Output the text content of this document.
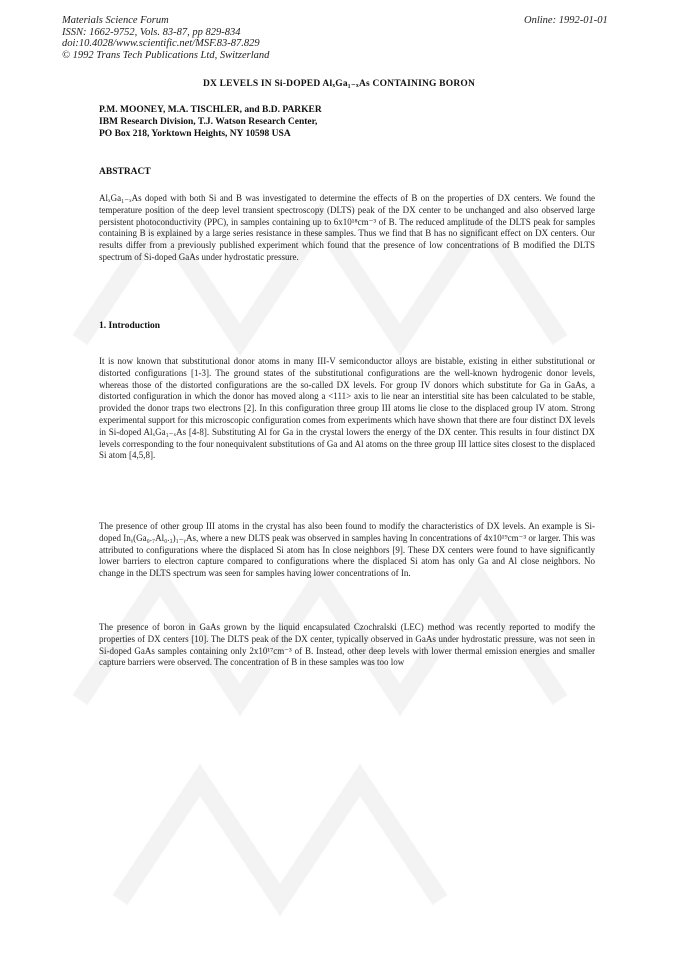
Materials Science Forum
ISSN: 1662-9752, Vols. 83-87, pp 829-834
doi:10.4028/www.scientific.net/MSF.83-87.829
© 1992 Trans Tech Publications Ltd, Switzerland
Online: 1992-01-01
DX LEVELS IN Si-DOPED AlₓGa₁₋ₓAs CONTAINING BORON
P.M. MOONEY, M.A. TISCHLER, and B.D. PARKER
IBM Research Division, T.J. Watson Research Center,
PO Box 218, Yorktown Heights, NY 10598 USA
ABSTRACT

AlₓGa₁₋ₓAs doped with both Si and B was investigated to determine the effects of B on the properties of DX centers. We found the temperature position of the deep level transient spectroscopy (DLTS) peak of the DX center to be unchanged and also observed large persistent photoconductivity (PPC), in samples containing up to 6x10¹⁸cm⁻³ of B. The reduced amplitude of the DLTS peak for samples containing B is explained by a large series resistance in these samples. Thus we find that B has no significant effect on DX centers. Our results differ from a previously published experiment which found that the presence of low concentrations of B modified the DLTS spectrum of Si-doped GaAs under hydrostatic pressure.

1. Introduction

It is now known that substitutional donor atoms in many III-V semiconductor alloys are bistable, existing in either substitutional or distorted configurations [1-3]. The ground states of the substitutional configurations are the well-known hydrogenic donor levels, whereas those of the distorted configurations are the so-called DX levels. For group IV donors which substitute for Ga in GaAs, a distorted configuration in which the donor has moved along a <111> axis to lie near an interstitial site has been calculated to be stable, provided the donor traps two electrons [2]. In this configuration three group III atoms lie close to the displaced group IV atom. Strong experimental support for this microscopic configuration comes from experiments which have shown that there are four distinct DX levels in Si-doped AlₓGa₁₋ₓAs [4-8]. Substituting Al for Ga in the crystal lowers the energy of the DX center. This results in four distinct DX levels corresponding to the four nonequivalent substitutions of Ga and Al atoms on the three group III lattice sites closest to the displaced Si atom [4,5,8].

The presence of other group III atoms in the crystal has also been found to modify the characteristics of DX levels. An example is Si-doped Inᵧ(Ga₀.₇Al₀.₃)₁₋ᵧAs, where a new DLTS peak was observed in samples having In concentrations of 4x10¹⁹cm⁻³ or larger. This was attributed to configurations where the displaced Si atom has In close neighbors [9]. These DX centers were found to have significantly lower barriers to electron capture compared to configurations where the displaced Si atom has only Ga and Al close neighbors. No change in the DLTS spectrum was seen for samples having lower concentrations of In.

The presence of boron in GaAs grown by the liquid encapsulated Czochralski (LEC) method was recently reported to modify the properties of DX centers [10]. The DLTS peak of the DX center, typically observed in GaAs under hydrostatic pressure, was not seen in Si-doped GaAs samples containing only 2x10¹⁷cm⁻³ of B. Instead, other deep levels with lower thermal emission energies and smaller capture barriers were observed. The concentration of B in these samples was too low
